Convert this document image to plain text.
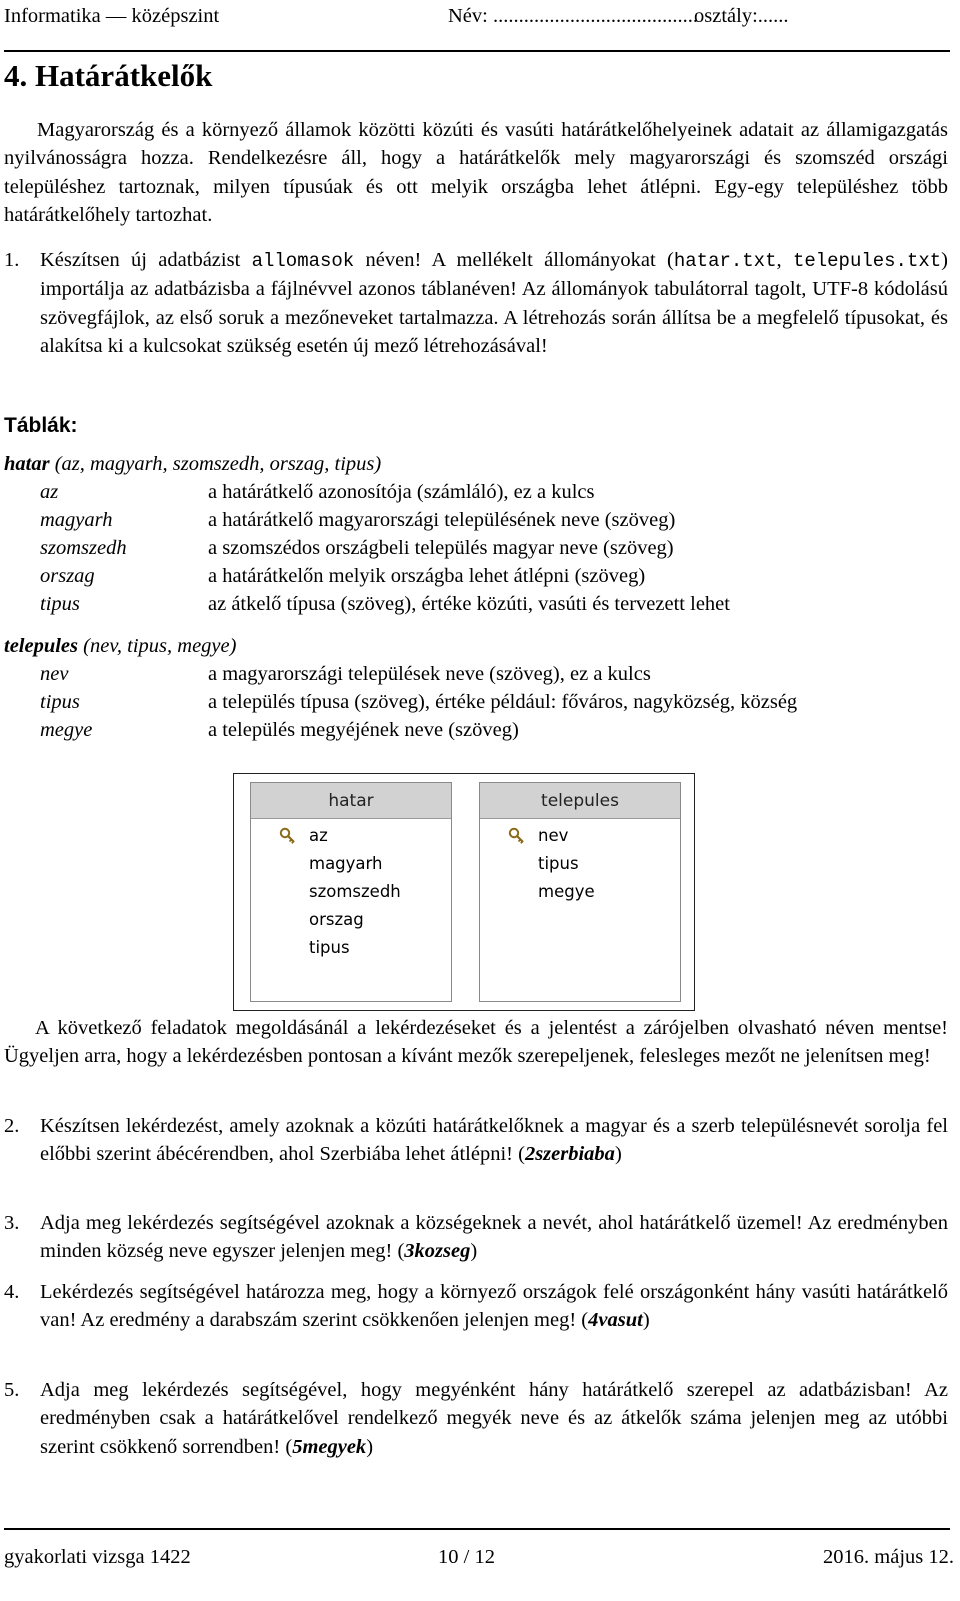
Informatika — középszint	Név: ........................................
osztály:......
4. Határátkelők
Magyarország és a környező államok közötti közúti és vasúti határátkelőhelyeinek adatait az államigazgatás nyilvánosságra hozza. Rendelkezésre áll, hogy a határátkelők mely magyarországi és szomszéd országi településhez tartoznak, milyen típusúak és ott melyik országba lehet átlépni. Egy-egy településhez több határátkelőhely tartozhat.
1. Készítsen új adatbázist allomasok néven! A mellékelt állományokat (hatar.txt, telepules.txt) importálja az adatbázisba a fájlnévvel azonos táblanéven! Az állományok tabulátorral tagolt, UTF-8 kódolású szövegfájlok, az első soruk a mezőneveket tartalmazza. A létrehozás során állítsa be a megfelelő típusokat, és alakítsa ki a kulcsokat szükség esetén új mező létrehozásával!
Táblák:
hatar (az, magyarh, szomszedh, orszag, tipus)
az	a határátkelő azonosítója (számláló), ez a kulcs
magyarh	a határátkelő magyarországi településének neve (szöveg)
szomszedh	a szomszédos országbeli település magyar neve (szöveg)
orszag	a határátkelőn melyik országba lehet átlépni (szöveg)
tipus	az átkelő típusa (szöveg), értéke közúti, vasúti és tervezett lehet
telepules (nev, tipus, megye)
nev	a magyarországi települések neve (szöveg), ez a kulcs
tipus	a település típusa (szöveg), értéke például: főváros, nagyközség, község
megye	a település megyéjének neve (szöveg)
hatar
az
magyarh
szomszedh
orszag
tipus
telepules
nev
tipus
megye
A következő feladatok megoldásánál a lekérdezéseket és a jelentést a zárójelben olvasható néven mentse! Ügyeljen arra, hogy a lekérdezésben pontosan a kívánt mezők szerepeljenek, felesleges mezőt ne jelenítsen meg!
2. Készítsen lekérdezést, amely azoknak a közúti határátkelőknek a magyar és a szerb településnevét sorolja fel előbbi szerint ábécérendben, ahol Szerbiába lehet átlépni! (2szerbiaba)
3. Adja meg lekérdezés segítségével azoknak a községeknek a nevét, ahol határátkelő üzemel! Az eredményben minden község neve egyszer jelenjen meg! (3kozseg)
4. Lekérdezés segítségével határozza meg, hogy a környező országok felé országonként hány vasúti határátkelő van! Az eredmény a darabszám szerint csökkenően jelenjen meg! (4vasut)
5. Adja meg lekérdezés segítségével, hogy megyénként hány határátkelő szerepel az adatbázisban! Az eredményben csak a határátkelővel rendelkező megyék neve és az átkelők száma jelenjen meg az utóbbi szerint csökkenő sorrendben! (5megyek)
gyakorlati vizsga 1422	10 / 12	2016. május 12.
